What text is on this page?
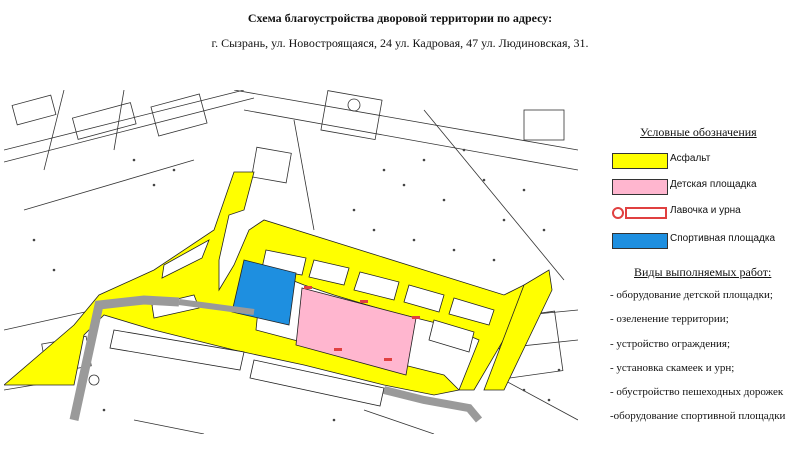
Схема благоустройства дворовой территории по адресу:
г. Сызрань, ул. Новостроящаяся, 24 ул. Кадровая, 47 ул. Людиновская, 31.
Условные обозначения
Асфальт
Детская площадка
Лавочка и урна
Спортивная площадка
Виды выполняемых работ:
- оборудование детской площадки;
- озеленение территории;
- устройство ограждения;
- установка скамеек и урн;
- обустройство пешеходных дорожек
-оборудование спортивной площадки
